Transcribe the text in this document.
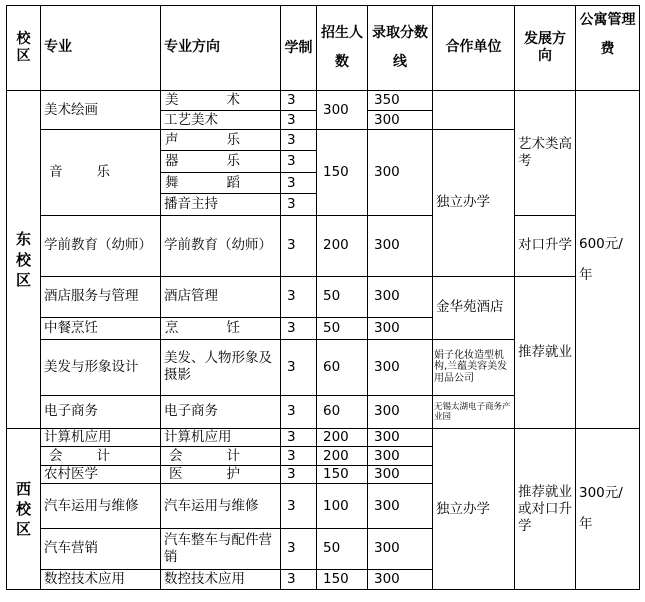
校区	专业	专业方向	学制	招生人数	录取分数线	合作单位	发展方向	公寓管理费
东校区	美术绘画	美 术	3	300	350		艺术类高考	600元/年
		工艺美术	3		300			
	音 乐	声 乐	3	150	300	独立办学		
		器 乐	3					
		舞 蹈	3					
		播音主持	3					
	学前教育（幼师）	学前教育（幼师）	3	200	300		对口升学	
	酒店服务与管理	酒店管理	3	50	300	金华苑酒店	推荐就业	
	中餐烹饪	烹 饪	3	50	300			
	美发与形象设计	美发、人物形象及摄影	3	60	300	娟子化妆造型机构,兰蕴美容美发用品公司		
	电子商务	电子商务	3	60	300	无锡太湖电子商务产业园		
西校区	计算机应用	计算机应用	3	200	300	独立办学	推荐就业或对口升学	300元/年
	会 计	会 计	3	200	300			
	农村医学	医 护	3	150	300			
	汽车运用与维修	汽车运用与维修	3	100	300			
	汽车营销	汽车整车与配件营销	3	50	300			
	数控技术应用	数控技术应用	3	150	300			
